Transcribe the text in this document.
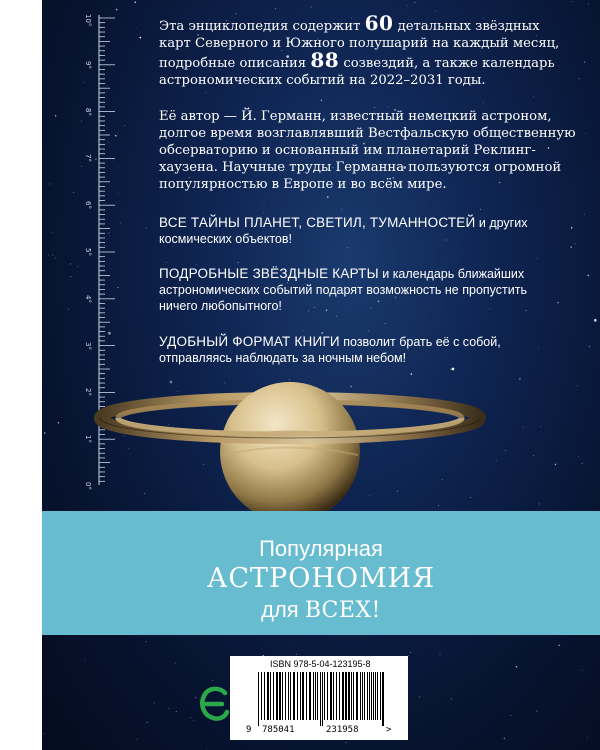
10°
9°
8°
7°
6°
5°
4°
3°
2°
1°
0°
Эта энциклопедия содержит 60 детальных звёздных
карт Северного и Южного полушарий на каждый месяц,
подробные описания 88 созвездий, а также календарь
астрономических событий на 2022–2031 годы.
Её автор — Й. Германн, известный немецкий астроном,
долгое время возглавлявший Вестфальскую общественную
обсерваторию и основанный им планетарий Реклинг-
хаузена. Научные труды Германна пользуются огромной
популярностью в Европе и во всём мире.
ВСЕ ТАЙНЫ ПЛАНЕТ, СВЕТИЛ, ТУМАННОСТЕЙ и других
космических объектов!
ПОДРОБНЫЕ ЗВЁЗДНЫЕ КАРТЫ и календарь ближайших
астрономических событий подарят возможность не пропустить
ничего любопытного!
УДОБНЫЙ ФОРМАТ КНИГИ позволит брать её с собой,
отправляясь наблюдать за ночным небом!
Популярная
АСТРОНОМИЯ
для ВСЕХ!
ISBN 978-5-04-123195-8
9 785041	231958	>
